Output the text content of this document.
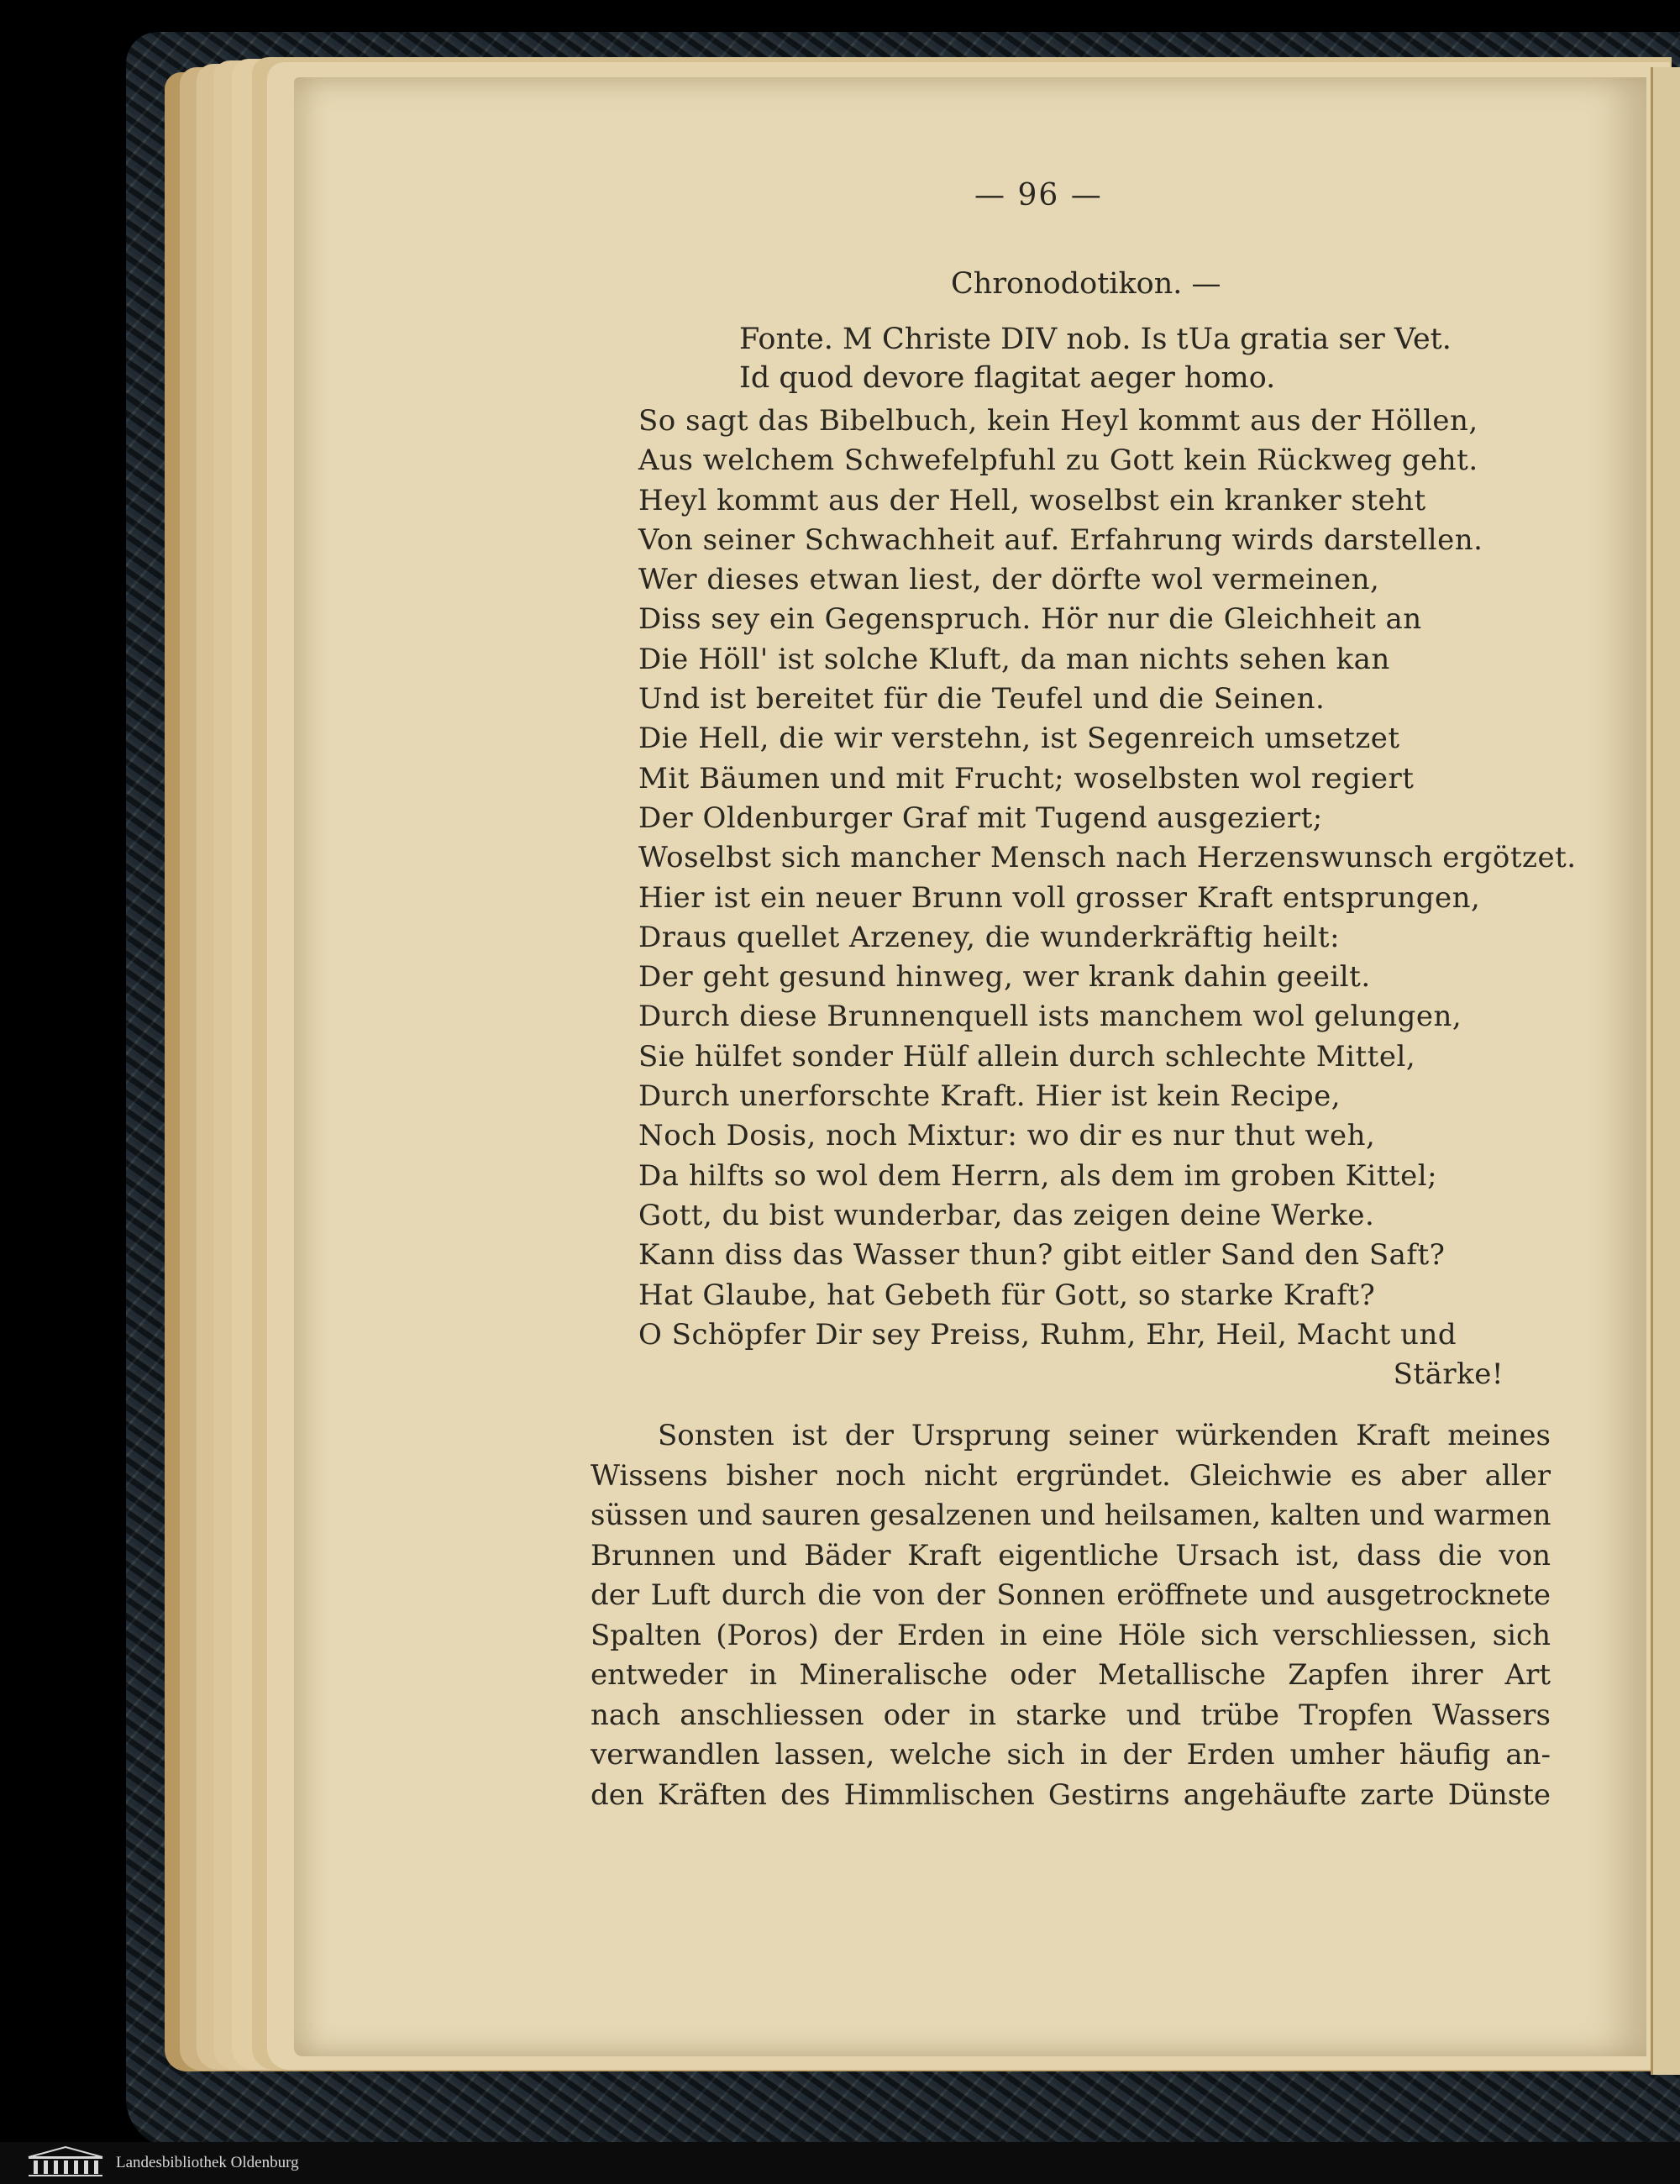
— 96 —
Chronodotikon. —
Fonte. M Christe DIV nob. Is tUa gratia ser Vet.
Id quod devore flagitat aeger homo.
So sagt das Bibelbuch, kein Heyl kommt aus der Höllen,
Aus welchem Schwefelpfuhl zu Gott kein Rückweg geht.
Heyl kommt aus der Hell, woselbst ein kranker steht
Von seiner Schwachheit auf. Erfahrung wirds darstellen.
Wer dieses etwan liest, der dörfte wol vermeinen,
Diss sey ein Gegenspruch. Hör nur die Gleichheit an
Die Höll' ist solche Kluft, da man nichts sehen kan
Und ist bereitet für die Teufel und die Seinen.
Die Hell, die wir verstehn, ist Segenreich umsetzet
Mit Bäumen und mit Frucht; woselbsten wol regiert
Der Oldenburger Graf mit Tugend ausgeziert;
Woselbst sich mancher Mensch nach Herzenswunsch ergötzet.
Hier ist ein neuer Brunn voll grosser Kraft entsprungen,
Draus quellet Arzeney, die wunderkräftig heilt:
Der geht gesund hinweg, wer krank dahin geeilt.
Durch diese Brunnenquell ists manchem wol gelungen,
Sie hülfet sonder Hülf allein durch schlechte Mittel,
Durch unerforschte Kraft. Hier ist kein Recipe,
Noch Dosis, noch Mixtur: wo dir es nur thut weh,
Da hilfts so wol dem Herrn, als dem im groben Kittel;
Gott, du bist wunderbar, das zeigen deine Werke.
Kann diss das Wasser thun? gibt eitler Sand den Saft?
Hat Glaube, hat Gebeth für Gott, so starke Kraft?
O Schöpfer Dir sey Preiss, Ruhm, Ehr, Heil, Macht und
Stärke!
Sonsten ist der Ursprung seiner würkenden Kraft meines
Wissens bisher noch nicht ergründet. Gleichwie es aber aller
süssen und sauren gesalzenen und heilsamen, kalten und warmen
Brunnen und Bäder Kraft eigentliche Ursach ist, dass die von
der Luft durch die von der Sonnen eröffnete und ausgetrocknete
Spalten (Poros) der Erden in eine Höle sich verschliessen, sich
entweder in Mineralische oder Metallische Zapfen ihrer Art
nach anschliessen oder in starke und trübe Tropfen Wassers
verwandlen lassen, welche sich in der Erden umher häufig an-
den Kräften des Himmlischen Gestirns angehäufte zarte Dünste
Landesbibliothek Oldenburg
